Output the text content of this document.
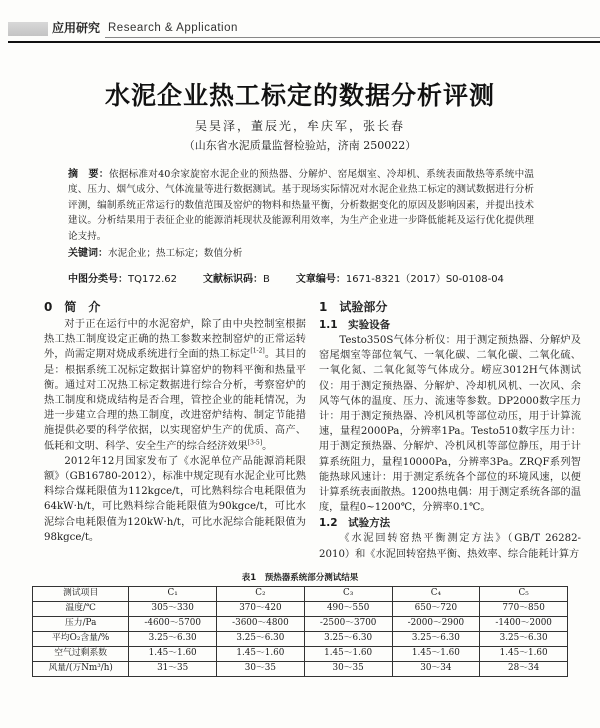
应用研究 Research & Application
水泥企业热工标定的数据分析评测
吴昊泽，董辰光，牟庆军，张长春
（山东省水泥质量监督检验站，济南 250022）
摘　要：依据标准对40余家旋窑水泥企业的预热器、分解炉、窑尾烟室、冷却机、系统表面散热等系统中温度、压力、烟气成分、气体流量等进行数据测试。基于现场实际情况对水泥企业热工标定的测试数据进行分析评测，编制系统正常运行的数值范围及窑炉的物料和热量平衡，分析数据变化的原因及影响因素，并提出技术建议。分析结果用于表征企业的能源消耗现状及能源利用效率，为生产企业进一步降低能耗及运行优化提供理论支持。
关键词：水泥企业；热工标定；数值分析
中图分类号：TQ172.62	文献标识码：B	文章编号：1671-8321（2017）S0-0108-04
0　简　介

对于正在运行中的水泥窑炉，除了由中央控制室根据热工热工制度设定正确的热工参数来控制窑炉的正常运转外，尚需定期对烧成系统进行全面的热工标定[1-2]。其目的是：根据系统工况标定数据计算窑炉的物料平衡和热量平衡。通过对工况热工标定数据进行综合分析，考察窑炉的热工制度和烧成结构是否合理，管控企业的能耗情况，为进一步建立合理的热工制度，改进窑炉结构、制定节能措施提供必要的科学依据，以实现窑炉生产的优质、高产、低耗和文明、科学、安全生产的综合经济效果[3-5]。

2012年12月国家发布了《水泥单位产品能源消耗限额》（GB16780-2012），标准中规定现有水泥企业可比熟料综合煤耗限值为112kgce/t，可比熟料综合电耗限值为64kW·h/t，可比熟料综合能耗限值为90kgce/t，可比水泥综合电耗限值为120kW·h/t，可比水泥综合能耗限值为98kgce/t。

1　试验部分
1.1　实验设备

Testo350S气体分析仪：用于测定预热器、分解炉及窑尾烟室等部位氧气、一氧化碳、二氧化碳、二氧化硫、一氧化氮、二氧化氮等气体成分。崂应3012H气体测试仪：用于测定预热器、分解炉、冷却机风机、一次风、余风等气体的温度、压力、流速等参数。DP2000数字压力计：用于测定预热器、冷机风机等部位动压，用于计算流速，量程2000Pa，分辨率1Pa。Testo510数字压力计：用于测定预热器、分解炉、冷机风机等部位静压，用于计算系统阻力，量程10000Pa，分辨率3Pa。ZRQF系列智能热球风速计：用于测定系统各个部位的环境风速，以便计算系统表面散热。1200热电偶：用于测定系统各部的温度，量程0~1200℃，分辨率0.1℃。

1.2　试验方法

《水泥回转窑热平衡测定方法》（GB/T 26282-2010）和《水泥回转窑热平衡、热效率、综合能耗计算方

表1　预热器系统部分测试结果
测试项目	C₁	C₂	C₃	C₄	C₅
温度/℃	305～330	370～420	490～550	650～720	770～850
压力/Pa	-4600～5700	-3600～4800	-2500～3700	-2000～2900	-1400～2000
平均O₂含量/%	3.25～6.30	3.25～6.30	3.25～6.30	3.25～6.30	3.25～6.30
空气过剩系数	1.45～1.60	1.45～1.60	1.45～1.60	1.45～1.60	1.45～1.60
风量/(万Nm³/h)	31～35	30～35	30～35	30～34	28～34
